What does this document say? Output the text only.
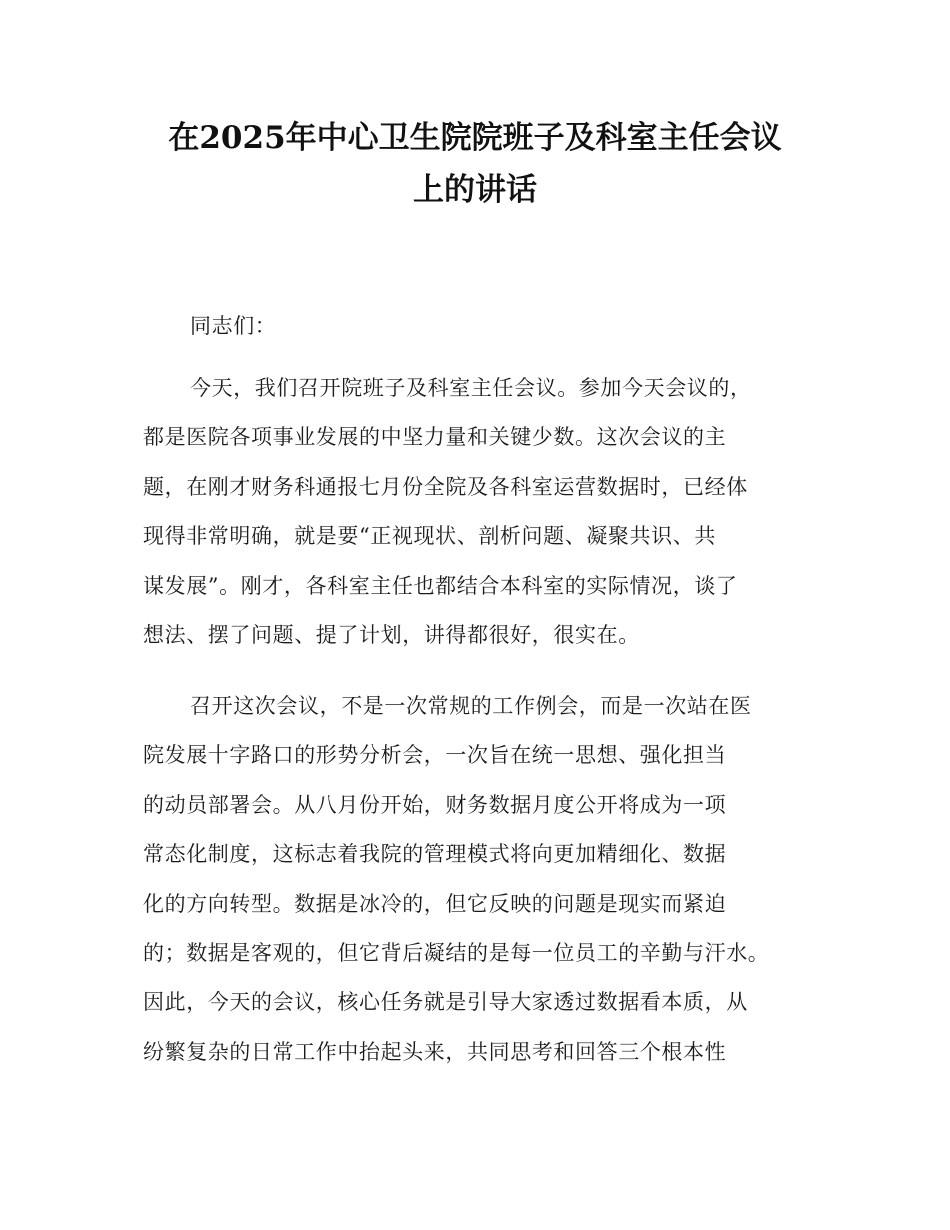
在2025年中心卫生院院班子及科室主任会议
上的讲话
同志们：
今天，我们召开院班子及科室主任会议。参加今天会议的，
都是医院各项事业发展的中坚力量和关键少数。这次会议的主
题，在刚才财务科通报七月份全院及各科室运营数据时，已经体
现得非常明确，就是要“正视现状、剖析问题、凝聚共识、共
谋发展”。刚才，各科室主任也都结合本科室的实际情况，谈了
想法、摆了问题、提了计划，讲得都很好，很实在。
召开这次会议，不是一次常规的工作例会，而是一次站在医
院发展十字路口的形势分析会，一次旨在统一思想、强化担当
的动员部署会。从八月份开始，财务数据月度公开将成为一项
常态化制度，这标志着我院的管理模式将向更加精细化、数据
化的方向转型。数据是冰冷的，但它反映的问题是现实而紧迫
的；数据是客观的，但它背后凝结的是每一位员工的辛勤与汗水。
因此，今天的会议，核心任务就是引导大家透过数据看本质，从
纷繁复杂的日常工作中抬起头来，共同思考和回答三个根本性
